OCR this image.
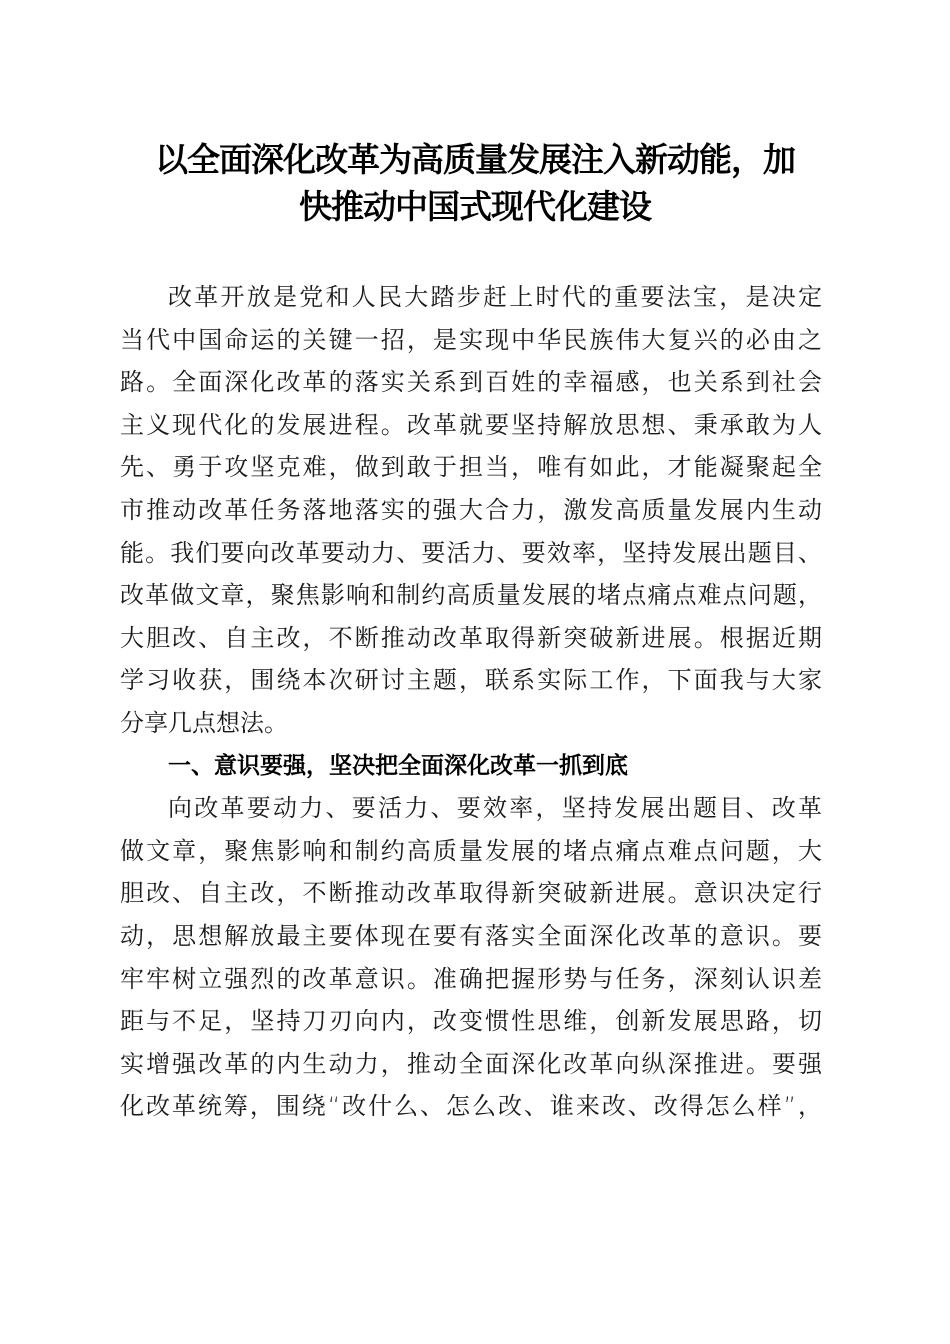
以全面深化改革为高质量发展注入新动能，加
快推动中国式现代化建设
改革开放是党和人民大踏步赶上时代的重要法宝，是决定
当代中国命运的关键一招，是实现中华民族伟大复兴的必由之
路。全面深化改革的落实关系到百姓的幸福感，也关系到社会
主义现代化的发展进程。改革就要坚持解放思想、秉承敢为人
先、勇于攻坚克难，做到敢于担当，唯有如此，才能凝聚起全
市推动改革任务落地落实的强大合力，激发高质量发展内生动
能。我们要向改革要动力、要活力、要效率，坚持发展出题目、
改革做文章，聚焦影响和制约高质量发展的堵点痛点难点问题，
大胆改、自主改，不断推动改革取得新突破新进展。根据近期
学习收获，围绕本次研讨主题，联系实际工作，下面我与大家
分享几点想法。
一、意识要强，坚决把全面深化改革一抓到底
向改革要动力、要活力、要效率，坚持发展出题目、改革
做文章，聚焦影响和制约高质量发展的堵点痛点难点问题，大
胆改、自主改，不断推动改革取得新突破新进展。意识决定行
动，思想解放最主要体现在要有落实全面深化改革的意识。要
牢牢树立强烈的改革意识。准确把握形势与任务，深刻认识差
距与不足，坚持刀刃向内，改变惯性思维，创新发展思路，切
实增强改革的内生动力，推动全面深化改革向纵深推进。要强
化改革统筹，围绕“改什么、怎么改、谁来改、改得怎么样”，
